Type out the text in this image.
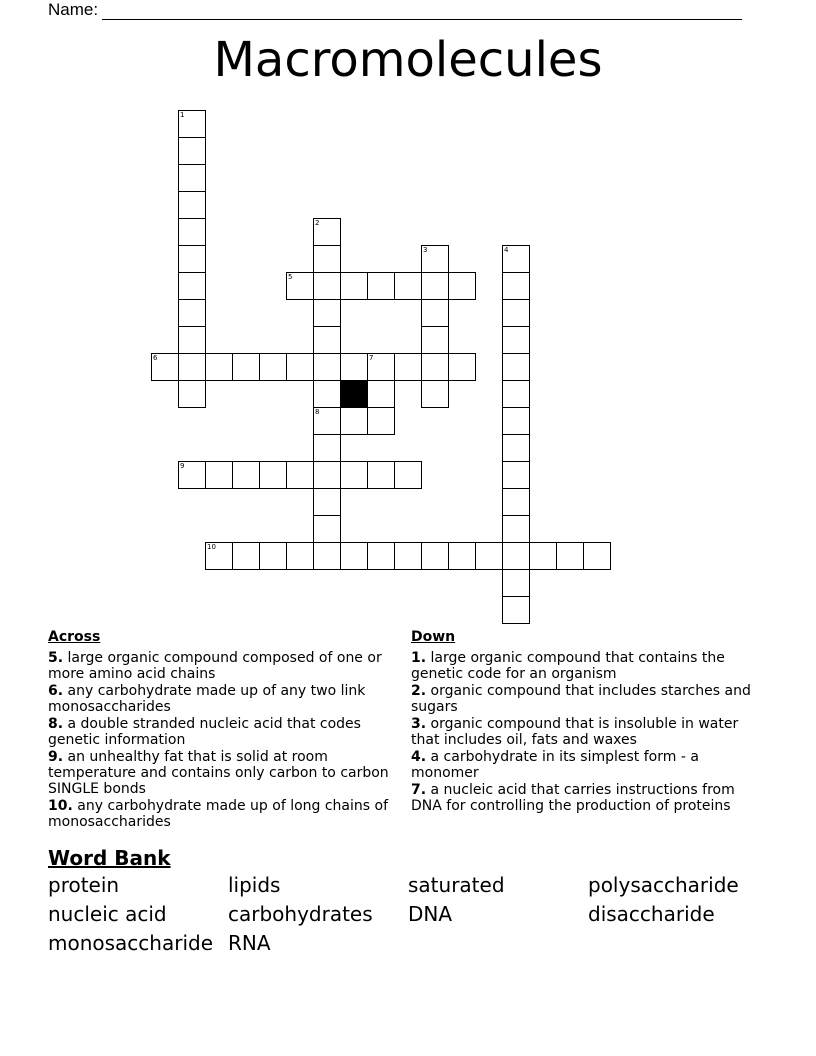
Name:
Macromolecules
1
2
8
3	4
5
6	7
9
10
Across
5. large organic compound composed of one or more amino acid chains
6. any carbohydrate made up of any two link monosaccharides
8. a double stranded nucleic acid that codes genetic information
9. an unhealthy fat that is solid at room temperature and contains only carbon to carbon SINGLE bonds
10. any carbohydrate made up of long chains of monosaccharides
Down
1. large organic compound that contains the genetic code for an organism
2. organic compound that includes starches and sugars
3. organic compound that is insoluble in water that includes oil, fats and waxes
4. a carbohydrate in its simplest form - a monomer
7. a nucleic acid that carries instructions from DNA for controlling the production of proteins
Word Bank
protein	lipids	saturated	polysaccharide
nucleic acid	carbohydrates	DNA	disaccharide
monosaccharide RNA
